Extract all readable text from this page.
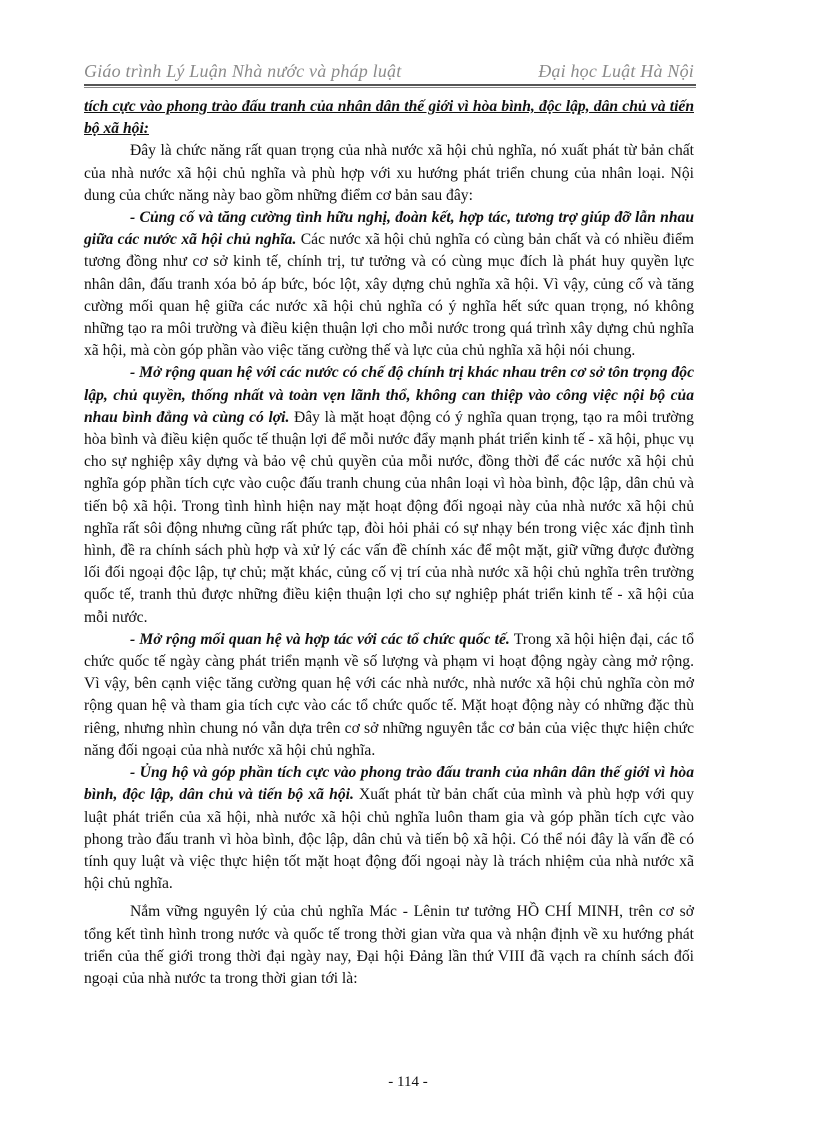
Giáo trình Lý Luận Nhà nước và pháp luật	Đại học Luật Hà Nội

tích cực vào phong trào đấu tranh của nhân dân thế giới vì hòa bình, độc lập, dân chủ và tiến bộ xã hội:

Đây là chức năng rất quan trọng của nhà nước xã hội chủ nghĩa, nó xuất phát từ bản chất của nhà nước xã hội chủ nghĩa và phù hợp với xu hướng phát triển chung của nhân loại. Nội dung của chức năng này bao gồm những điểm cơ bản sau đây:

- Củng cố và tăng cường tình hữu nghị, đoàn kết, hợp tác, tương trợ giúp đỡ lẫn nhau giữa các nước xã hội chủ nghĩa. Các nước xã hội chủ nghĩa có cùng bản chất và có nhiều điểm tương đồng như cơ sở kinh tế, chính trị, tư tưởng và có cùng mục đích là phát huy quyền lực nhân dân, đấu tranh xóa bỏ áp bức, bóc lột, xây dựng chủ nghĩa xã hội. Vì vậy, củng cố và tăng cường mối quan hệ giữa các nước xã hội chủ nghĩa có ý nghĩa hết sức quan trọng, nó không những tạo ra môi trường và điều kiện thuận lợi cho mỗi nước trong quá trình xây dựng chủ nghĩa xã hội, mà còn góp phần vào việc tăng cường thế và lực của chủ nghĩa xã hội nói chung.

- Mở rộng quan hệ với các nước có chế độ chính trị khác nhau trên cơ sở tôn trọng độc lập, chủ quyền, thống nhất và toàn vẹn lãnh thổ, không can thiệp vào công việc nội bộ của nhau bình đẳng và cùng có lợi. Đây là mặt hoạt động có ý nghĩa quan trọng, tạo ra môi trường hòa bình và điều kiện quốc tế thuận lợi để mỗi nước đẩy mạnh phát triển kinh tế - xã hội, phục vụ cho sự nghiệp xây dựng và bảo vệ chủ quyền của mỗi nước, đồng thời để các nước xã hội chủ nghĩa góp phần tích cực vào cuộc đấu tranh chung của nhân loại vì hòa bình, độc lập, dân chủ và tiến bộ xã hội. Trong tình hình hiện nay mặt hoạt động đối ngoại này của nhà nước xã hội chủ nghĩa rất sôi động nhưng cũng rất phức tạp, đòi hỏi phải có sự nhạy bén trong việc xác định tình hình, đề ra chính sách phù hợp và xử lý các vấn đề chính xác để một mặt, giữ vững được đường lối đối ngoại độc lập, tự chủ; mặt khác, củng cố vị trí của nhà nước xã hội chủ nghĩa trên trường quốc tế, tranh thủ được những điều kiện thuận lợi cho sự nghiệp phát triển kinh tế - xã hội của mỗi nước.

- Mở rộng mối quan hệ và hợp tác với các tổ chức quốc tế. Trong xã hội hiện đại, các tổ chức quốc tế ngày càng phát triển mạnh về số lượng và phạm vi hoạt động ngày càng mở rộng. Vì vậy, bên cạnh việc tăng cường quan hệ với các nhà nước, nhà nước xã hội chủ nghĩa còn mở rộng quan hệ và tham gia tích cực vào các tổ chức quốc tế. Mặt hoạt động này có những đặc thù riêng, nhưng nhìn chung nó vẫn dựa trên cơ sở những nguyên tắc cơ bản của việc thực hiện chức năng đối ngoại của nhà nước xã hội chủ nghĩa.

- Ủng hộ và góp phần tích cực vào phong trào đấu tranh của nhân dân thế giới vì hòa bình, độc lập, dân chủ và tiến bộ xã hội. Xuất phát từ bản chất của mình và phù hợp với quy luật phát triển của xã hội, nhà nước xã hội chủ nghĩa luôn tham gia và góp phần tích cực vào phong trào đấu tranh vì hòa bình, độc lập, dân chủ và tiến bộ xã hội. Có thể nói đây là vấn đề có tính quy luật và việc thực hiện tốt mặt hoạt động đối ngoại này là trách nhiệm của nhà nước xã hội chủ nghĩa.

Nắm vững nguyên lý của chủ nghĩa Mác - Lênin tư tưởng HỒ CHÍ MINH, trên cơ sở tổng kết tình hình trong nước và quốc tế trong thời gian vừa qua và nhận định về xu hướng phát triển của thế giới trong thời đại ngày nay, Đại hội Đảng lần thứ VIII đã vạch ra chính sách đối ngoại của nhà nước ta trong thời gian tới là:

- 114 -
